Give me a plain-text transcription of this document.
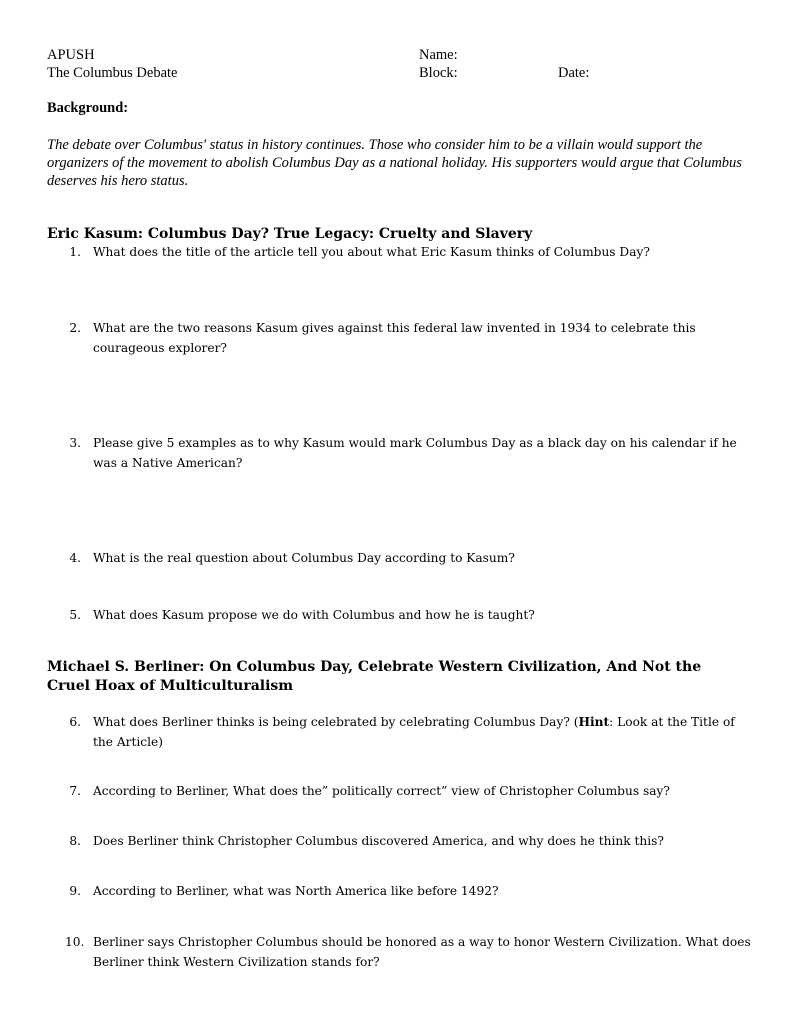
APUSH
The Columbus Debate
Name:
Block:	Date:
Background:
The debate over Columbus' status in history continues. Those who consider him to be a villain would support the organizers of the movement to abolish Columbus Day as a national holiday. His supporters would argue that Columbus deserves his hero status.
Eric Kasum: Columbus Day? True Legacy: Cruelty and Slavery
1. What does the title of the article tell you about what Eric Kasum thinks of Columbus Day?
2. What are the two reasons Kasum gives against this federal law invented in 1934 to celebrate this courageous explorer?
3. Please give 5 examples as to why Kasum would mark Columbus Day as a black day on his calendar if he was a Native American?
4. What is the real question about Columbus Day according to Kasum?
5. What does Kasum propose we do with Columbus and how he is taught?
Michael S. Berliner: On Columbus Day, Celebrate Western Civilization, And Not the Cruel Hoax of Multiculturalism
6. What does Berliner thinks is being celebrated by celebrating Columbus Day? (Hint: Look at the Title of the Article)
7. According to Berliner, What does the” politically correct” view of Christopher Columbus say?
8. Does Berliner think Christopher Columbus discovered America, and why does he think this?
9. According to Berliner, what was North America like before 1492?
10. Berliner says Christopher Columbus should be honored as a way to honor Western Civilization. What does Berliner think Western Civilization stands for?
